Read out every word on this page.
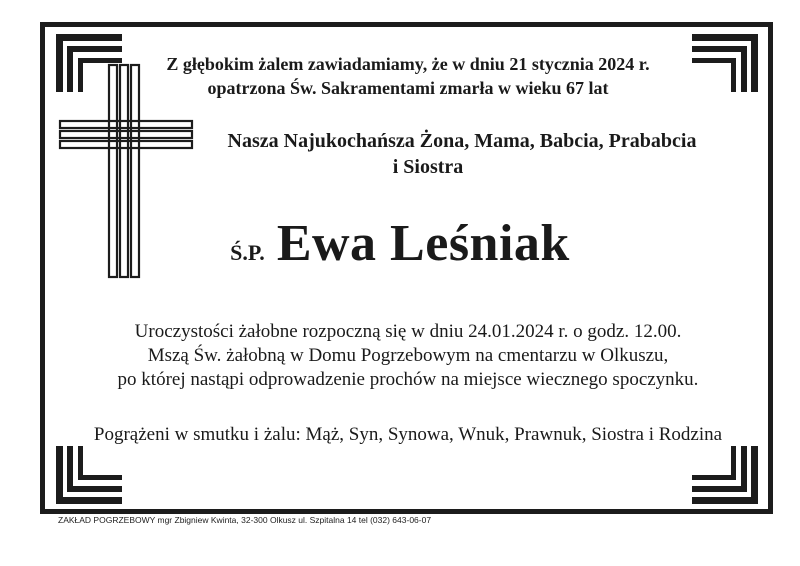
Z głębokim żalem zawiadamiamy, że w dniu 21 stycznia 2024 r.
opatrzona Św. Sakramentami zmarła w wieku 67 lat
Nasza Najukochańsza Żona, Mama, Babcia, Prababcia
i Siostra
Ś.P. Ewa Leśniak
Uroczystości żałobne rozpoczną się w dniu 24.01.2024 r. o godz. 12.00.
Mszą Św. żałobną w Domu Pogrzebowym na cmentarzu w Olkuszu,
po której nastąpi odprowadzenie prochów na miejsce wiecznego spoczynku.
Pogrążeni w smutku i żalu: Mąż, Syn, Synowa, Wnuk, Prawnuk, Siostra i Rodzina
ZAKŁAD POGRZEBOWY mgr Zbigniew Kwinta, 32-300 Olkusz ul. Szpitalna 14 tel (032) 643-06-07
